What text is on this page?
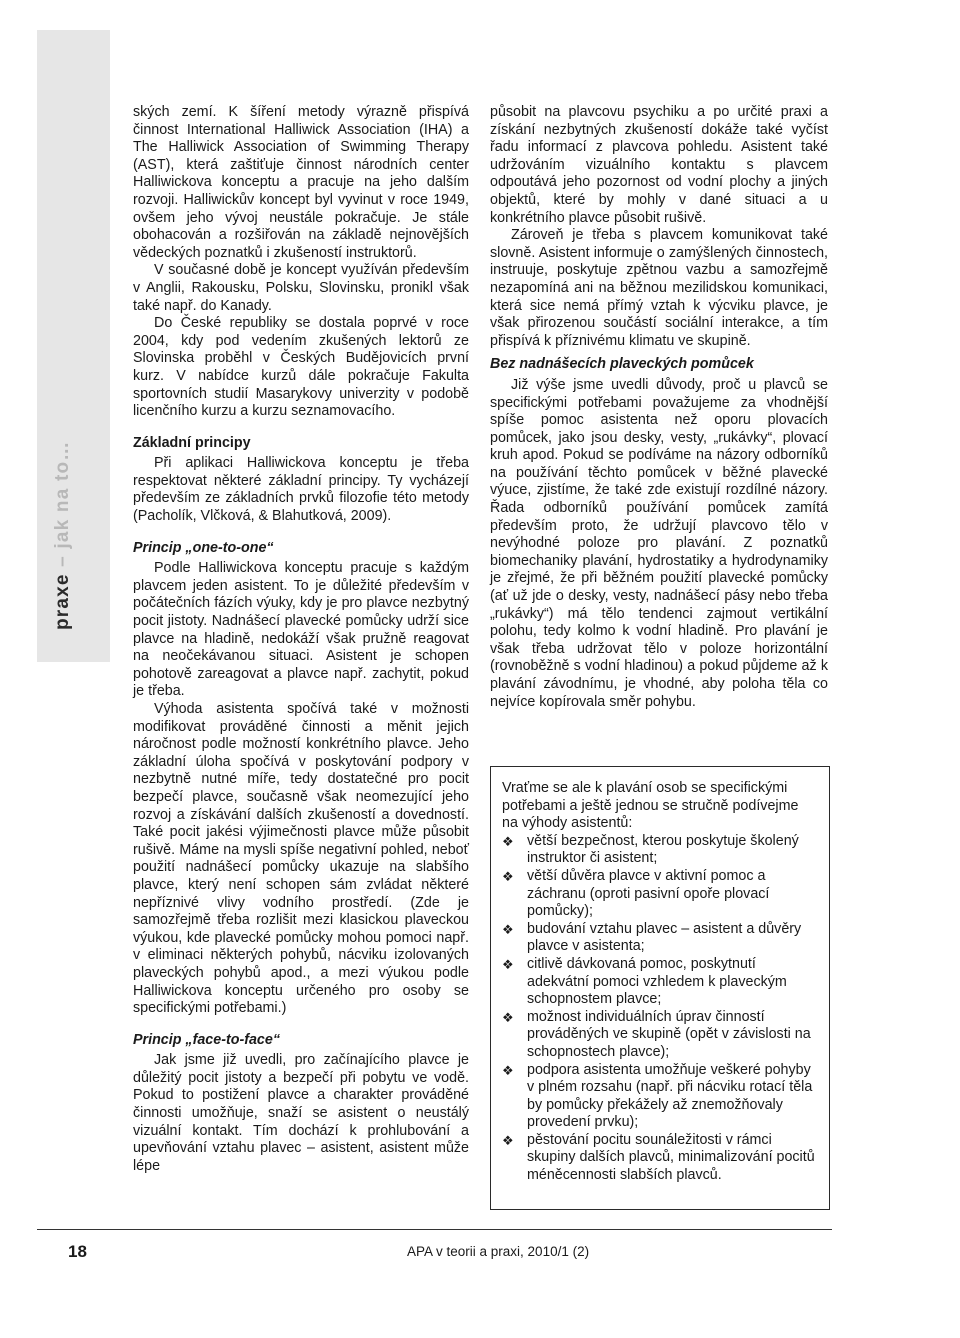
praxe – jak na to…

ských zemí. K šíření metody výrazně přispívá činnost International Halliwick Association (IHA) a The Halliwick Association of Swimming Therapy (AST), která zaštiťuje činnost národních center Halliwickova konceptu a pracuje na jeho dalším rozvoji. Halliwickův koncept byl vyvinut v roce 1949, ovšem jeho vývoj neustále pokračuje. Je stále obohacován a rozšiřován na základě nejnovějších vědeckých poznatků i zkušeností instruktorů.

V současné době je koncept využíván především v Anglii, Rakousku, Polsku, Slovinsku, pronikl však také např. do Kanady.

Do České republiky se dostala poprvé v roce 2004, kdy pod vedením zkušených lektorů ze Slovinska proběhl v Českých Budějovicích první kurz. V nabídce kurzů dále pokračuje Fakulta sportovních studií Masarykovy univerzity v podobě licenčního kurzu a kurzu seznamovacího.

Základní principy

Při aplikaci Halliwickova konceptu je třeba respektovat některé základní principy. Ty vycházejí především ze základních prvků filozofie této metody (Pacholík, Vlčková, & Blahutková, 2009).

Princip „one-to-one“

Podle Halliwickova konceptu pracuje s každým plavcem jeden asistent. To je důležité především v počátečních fázích výuky, kdy je pro plavce nezbytný pocit jistoty. Nadnášecí plavecké pomůcky udrží sice plavce na hladině, nedokáží však pružně reagovat na neočekávanou situaci. Asistent je schopen pohotově zareagovat a plavce např. zachytit, pokud je třeba.

Výhoda asistenta spočívá také v možnosti modifikovat prováděné činnosti a měnit jejich náročnost podle možností konkrétního plavce. Jeho základní úloha spočívá v poskytování podpory v nezbytně nutné míře, tedy dostatečné pro pocit bezpečí plavce, současně však neomezující jeho rozvoj a získávání dalších zkušeností a dovedností. Také pocit jakési výjimečnosti plavce může působit rušivě. Máme na mysli spíše negativní pohled, neboť použití nadnášecí pomůcky ukazuje na slabšího plavce, který není schopen sám zvládat některé nepříznivé vlivy vodního prostředí. (Zde je samozřejmě třeba rozlišit mezi klasickou plaveckou výukou, kde plavecké pomůcky mohou pomoci např. v eliminaci některých pohybů, nácviku izolovaných plaveckých pohybů apod., a mezi výukou podle Halliwickova konceptu určeného pro osoby se specifickými potřebami.)

Princip „face-to-face“

Jak jsme již uvedli, pro začínajícího plavce je důležitý pocit jistoty a bezpečí při pobytu ve vodě. Pokud to postižení plavce a charakter prováděné činnosti umožňuje, snaží se asistent o neustálý vizuální kontakt. Tím dochází k prohlubování a upevňování vztahu plavec – asistent, asistent může lépe

působit na plavcovu psychiku a po určité praxi a získání nezbytných zkušeností dokáže také vyčíst řadu informací z plavcova pohledu. Asistent také udržováním vizuálního kontaktu s plavcem odpoutává jeho pozornost od vodní plochy a jiných objektů, které by mohly v dané situaci a u konkrétního plavce působit rušivě.

Zároveň je třeba s plavcem komunikovat také slovně. Asistent informuje o zamýšlených činnostech, instruuje, poskytuje zpětnou vazbu a samozřejmě nezapomíná ani na běžnou mezilidskou komunikaci, která sice nemá přímý vztah k výcviku plavce, je však přirozenou součástí sociální interakce, a tím přispívá k příznivému klimatu ve skupině.

Bez nadnášecích plaveckých pomůcek

Již výše jsme uvedli důvody, proč u plavců se specifickými potřebami považujeme za vhodnější spíše pomoc asistenta než oporu plovacích pomůcek, jako jsou desky, vesty, „rukávky“, plovací kruh apod. Pokud se podíváme na názory odborníků na používání těchto pomůcek v běžné plavecké výuce, zjistíme, že také zde existují rozdílné názory. Řada odborníků používání pomůcek zamítá především proto, že udržují plavcovo tělo v nevýhodné poloze pro plavání. Z poznatků biomechaniky plavání, hydrostatiky a hydrodynamiky je zřejmé, že při běžném použití plavecké pomůcky (ať už jde o desky, vesty, nadnášecí pásy nebo třeba „rukávky“) má tělo tendenci zajmout vertikální polohu, tedy kolmo k vodní hladině. Pro plavání je však třeba udržovat tělo v poloze horizontální (rovnoběžně s vodní hladinou) a pokud půjdeme až k plavání závodnímu, je vhodné, aby poloha těla co nejvíce kopírovala směr pohybu.

Vraťme se ale k plavání osob se specifickými potřebami a ještě jednou se stručně podívejme na výhody asistentů:

❖ větší bezpečnost, kterou poskytuje školený instruktor či asistent;
❖ větší důvěra plavce v aktivní pomoc a záchranu (oproti pasivní opoře plovací pomůcky);
❖ budování vztahu plavec – asistent a důvěry plavce v asistenta;
❖ citlivě dávkovaná pomoc, poskytnutí adekvátní pomoci vzhledem k plaveckým schopnostem plavce;
❖ možnost individuálních úprav činností prováděných ve skupině (opět v závislosti na schopnostech plavce);
❖ podpora asistenta umožňuje veškeré pohyby v plném rozsahu (např. při nácviku rotací těla by pomůcky překážely až znemožňovaly provedení prvku);
❖ pěstování pocitu sounáležitosti v rámci skupiny dalších plavců, minimalizování pocitů méněcennosti slabších plavců.
18	APA v teorii a praxi, 2010/1 (2)
